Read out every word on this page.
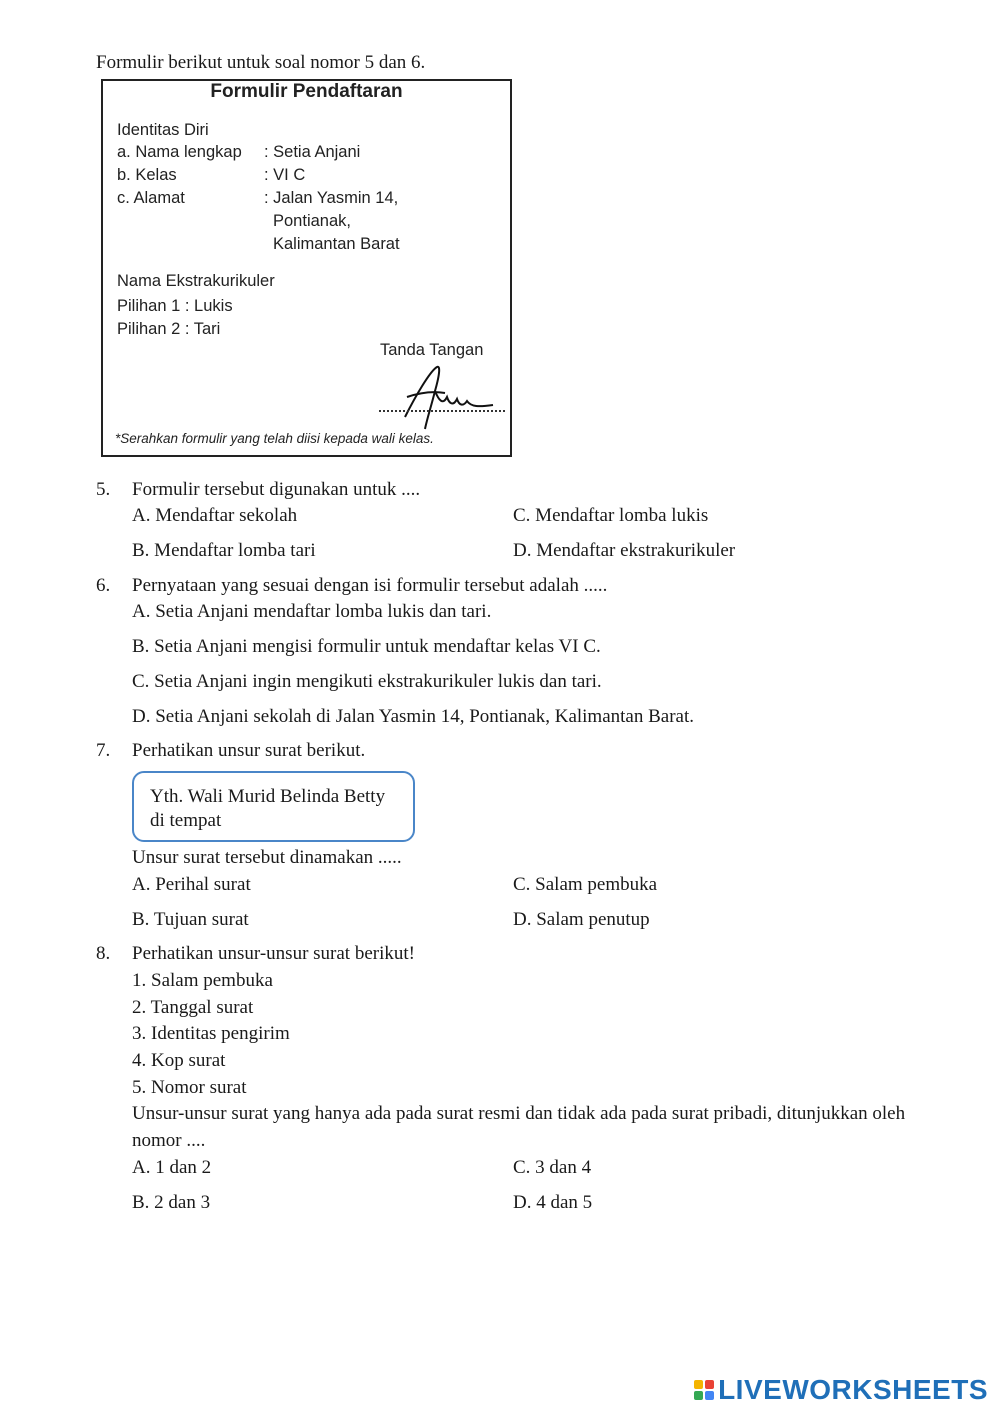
Formulir berikut untuk soal nomor 5 dan 6.
Formulir Pendaftaran
Identitas Diri
a. Nama lengkap : Setia Anjani
b. Kelas	: VI C
c. Alamat	: Jalan Yasmin 14,
Pontianak,
Kalimantan Barat
Nama Ekstrakurikuler
Pilihan 1 : Lukis
Pilihan 2 : Tari
Tanda Tangan
*Serahkan formulir yang telah diisi kepada wali kelas.
5. Formulir tersebut digunakan untuk ....
A. Mendaftar sekolah
B. Mendaftar lomba tari
C. Mendaftar lomba lukis
D. Mendaftar ekstrakurikuler
6. Pernyataan yang sesuai dengan isi formulir tersebut adalah .....
A. Setia Anjani mendaftar lomba lukis dan tari.
B. Setia Anjani mengisi formulir untuk mendaftar kelas VI C.
C. Setia Anjani ingin mengikuti ekstrakurikuler lukis dan tari.
D. Setia Anjani sekolah di Jalan Yasmin 14, Pontianak, Kalimantan Barat.
7. Perhatikan unsur surat berikut.
Yth. Wali Murid Belinda Betty
di tempat
Unsur surat tersebut dinamakan .....
A. Perihal surat
B. Tujuan surat
C. Salam pembuka
D. Salam penutup
8. Perhatikan unsur-unsur surat berikut!
1. Salam pembuka
2. Tanggal surat
3. Identitas pengirim
4. Kop surat
5. Nomor surat
Unsur-unsur surat yang hanya ada pada surat resmi dan tidak ada pada surat pribadi, ditunjukkan oleh
nomor ....
A. 1 dan 2
B. 2 dan 3
C. 3 dan 4
D. 4 dan 5
LIVEWORKSHEETS
